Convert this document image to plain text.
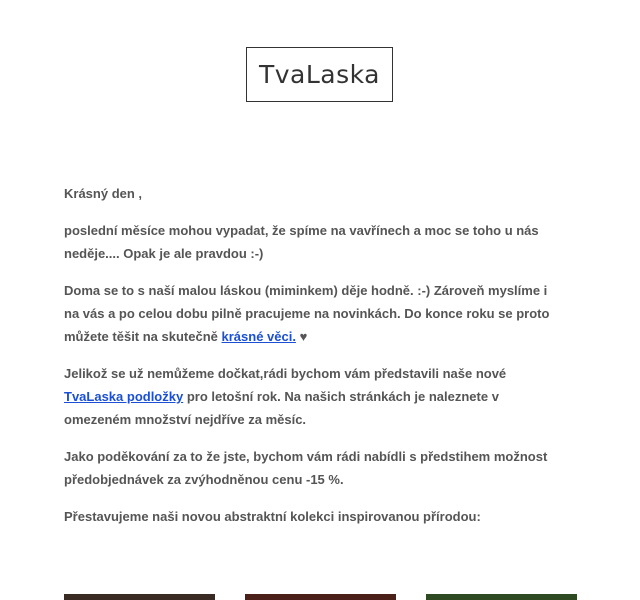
TvaLaska

Krásný den ,

poslední měsíce mohou vypadat, že spíme na vavřínech a moc se toho u nás neděje.... Opak je ale pravdou :-)

Doma se to s naší malou láskou (miminkem) děje hodně. :-) Zároveň myslíme i na vás a po celou dobu pilně pracujeme na novinkách. Do konce roku se proto můžete těšit na skutečně krásné věci. ♥

Jelikož se už nemůžeme dočkat,rádi bychom vám představili naše nové TvaLaska podložky pro letošní rok. Na našich stránkách je naleznete v omezeném množství nejdříve za měsíc.

Jako poděkování za to že jste, bychom vám rádi nabídli s předstihem možnost předobjednávek za zvýhodněnou cenu -15 %.

Přestavujeme naši novou abstraktní kolekci inspirovanou přírodou:
